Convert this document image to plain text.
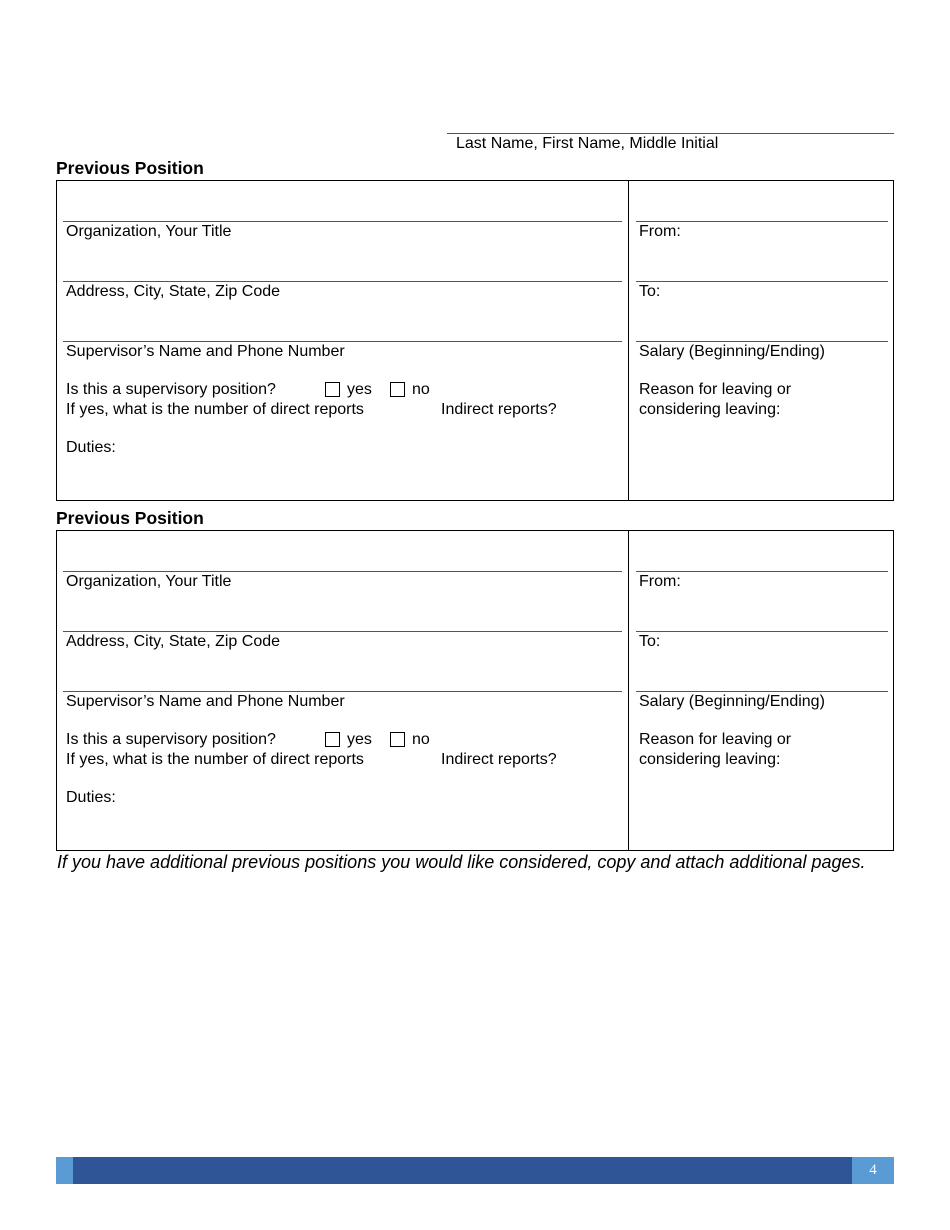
Last Name, First Name, Middle Initial
Previous Position
Organization, Your Title
Address, City, State, Zip Code
Supervisor’s Name and Phone Number
Is this a supervisory position?	yes	no
If yes, what is the number of direct reports	Indirect reports?
Duties:
From:
To:
Salary (Beginning/Ending)
Reason for leaving or
considering leaving:
Previous Position
Organization, Your Title
Address, City, State, Zip Code
Supervisor’s Name and Phone Number
Is this a supervisory position?	yes	no
If yes, what is the number of direct reports	Indirect reports?
Duties:
From:
To:
Salary (Beginning/Ending)
Reason for leaving or
considering leaving:
If you have additional previous positions you would like considered, copy and attach additional pages.
4
